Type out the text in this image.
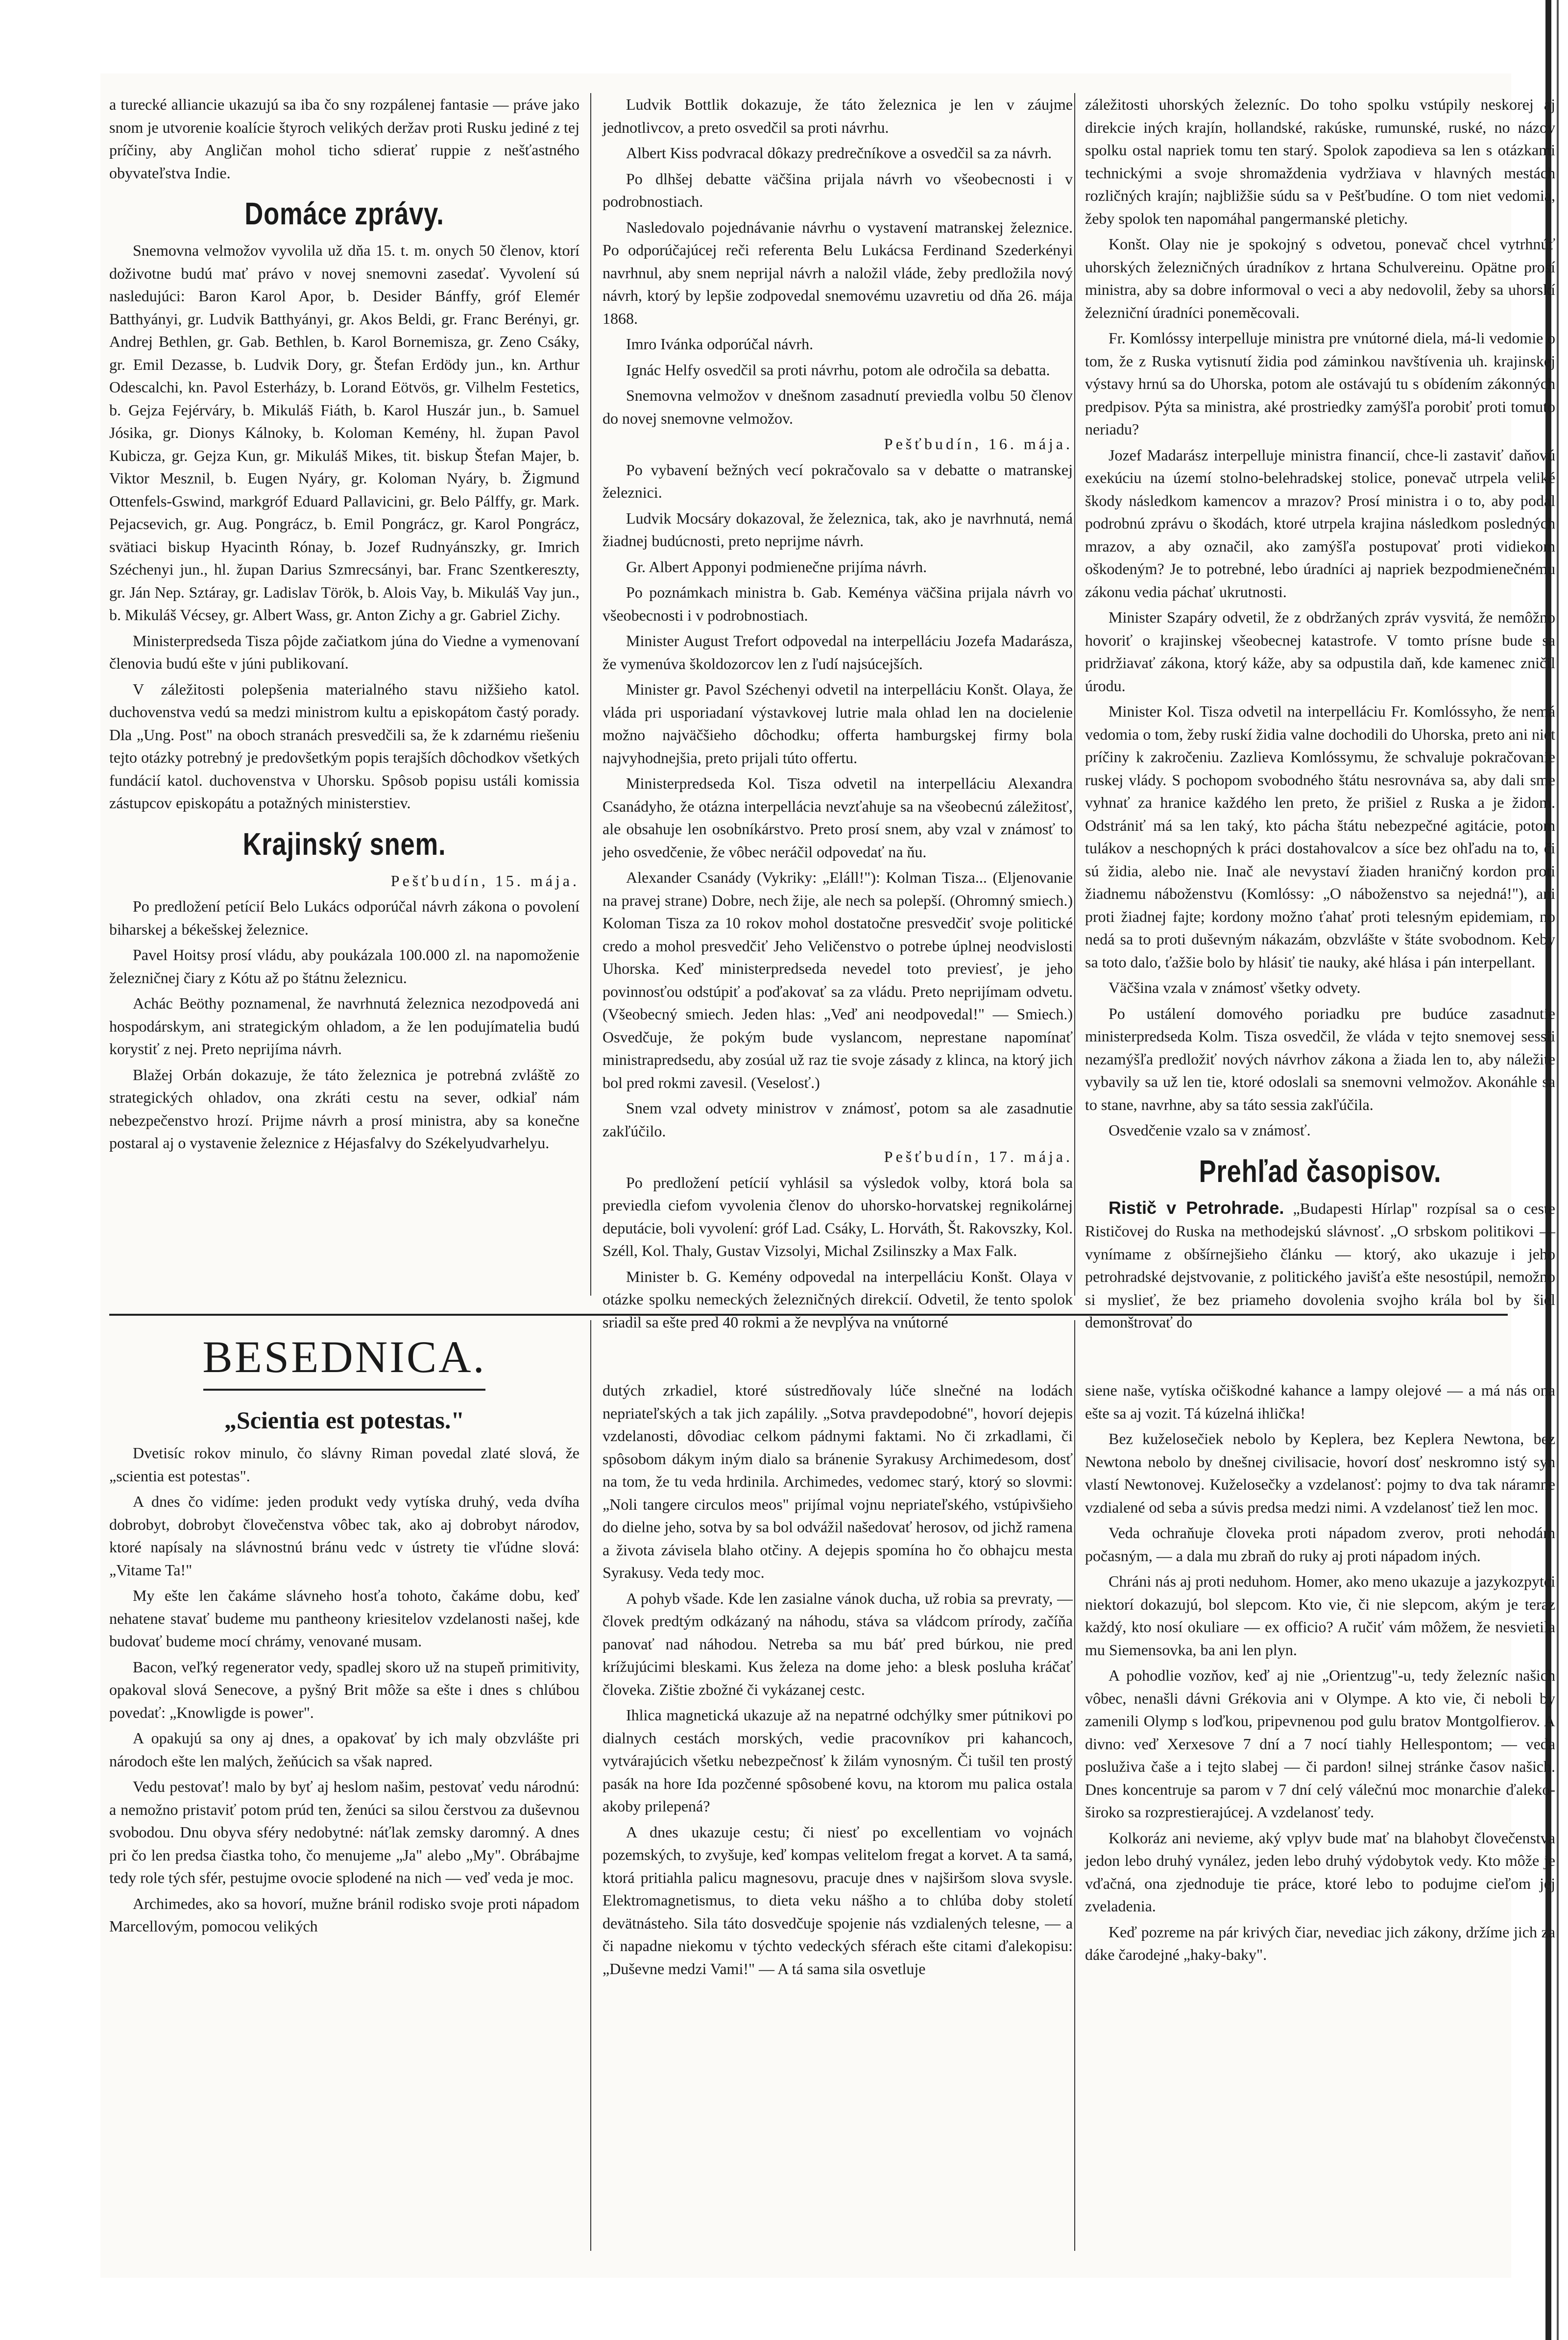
a turecké allianciе ukazujú sa iba čo sny rozpálenej fantasie — práve jako snom je utvorenie koalície štyroch velikých deržav proti Rusku jediné z tej príčiny, aby Angličan mohol ticho sdierať ruppie z nešťastného obyvateľstva Indie.

Domáce zprávy.

Snemovna velmožov vyvolila už dňa 15. t. m. onych 50 členov, ktorí doživotne budú mať právo v novej snemovni zasedať. Vyvolení sú nasledujúci: Baron Karol Apor, b. Desider Bánffy, gróf Elemér Batthyányi, gr. Ludvik Batthyányi, gr. Akos Beldi, gr. Franc Berényi, gr. Andrej Bethlen, gr. Gab. Bethlen, b. Karol Bornemisza, gr. Zeno Csáky, gr. Emil Dezasse, b. Ludvik Dory, gr. Štefan Erdödy jun., kn. Arthur Odescalchi, kn. Pavol Esterházy, b. Lorand Eötvös, gr. Vilhelm Festetics, b. Gejza Fejérváry, b. Mikuláš Fiáth, b. Karol Huszár jun., b. Samuel Jósika, gr. Dionys Kálnoky, b. Koloman Kemény, hl. župan Pavol Kubicza, gr. Gejza Kun, gr. Mikuláš Mikes, tit. biskup Štefan Majer, b. Viktor Mesznil, b. Eugen Nyáry, gr. Koloman Nyáry, b. Žigmund Ottenfels-Gswind, markgróf Eduard Pallavicini, gr. Belo Pálffy, gr. Mark. Pejacsevich, gr. Aug. Pongrácz, b. Emil Pongrácz, gr. Karol Pongrácz, svätiaci biskup Hyacinth Rónay, b. Jozef Rudnyánszky, gr. Imrich Széchenyi jun., hl. župan Darius Szmrecsányi, bar. Franc Szentkereszty, gr. Ján Nep. Sztáray, gr. Ladislav Török, b. Alois Vay, b. Mikuláš Vay jun., b. Mikuláš Vécsey, gr. Albert Wass, gr. Anton Zichy a gr. Gabriel Zichy.

Ministerpredseda Tisza pôjde začiatkom júna do Viedne a vymenovaní členovia budú ešte v júni publikovaní.

V záležitosti polepšenia materialného stavu nižšieho katol. duchovenstva vedú sa medzi ministrom kultu a episkopátom častý porady. Dla „Ung. Post" na oboch stranách presvedčili sa, že k zdarnému riešeniu tejto otázky potrebný je predovšetkým popis terajších dôchodkov všetkých fundácií katol. duchovenstva v Uhorsku. Spôsob popisu ustáli komissia zástupcov episkopátu a potažných ministerstiev.

Krajinský snem.

Pešťbudín, 15. mája.

Po predložení petícií Belo Lukács odporúčal návrh zákona o povolení biharskej a békešskej železnice.

Pavel Hoitsy prosí vládu, aby poukázala 100.000 zl. na napomoženie železničnej čiary z Kótu až po štátnu železnicu.

Achác Beöthy poznamenal, že navrhnutá železnica nezodpovedá ani hospodárskym, ani strategickým ohladom, a že len podujímatelia budú korystiť z nej. Preto neprijíma návrh.

Blažej Orbán dokazuje, že táto železnica je potrebná zvláště zo strategických ohladov, ona zkráti cestu na sever, odkiaľ nám nebezpečenstvo hrozí. Prijme návrh a prosí ministra, aby sa konečne postaral aj o vystavenie železnice z Héjasfalvy do Székelyudvarhelyu.

Ludvik Bottlik dokazuje, že táto železnica je len v záujme jednotlivcov, a preto osvedčil sa proti návrhu.

Albert Kiss podvracal dôkazy predrečníkove a osvedčil sa za návrh.

Po dlhšej debatte väčšina prijala návrh vo všeobecnosti i v podrobnostiach.

Nasledovalo pojednávanie návrhu o vystavení matranskej železnice. Po odporúčajúcej reči referenta Belu Lukácsa Ferdinand Szederkényi navrhnul, aby snem neprijal návrh a naložil vláde, žeby predložila nový návrh, ktorý by lepšie zodpovedal snemovému uzavretiu od dňa 26. mája 1868.

Imro Ivánka odporúčal návrh.

Ignác Helfy osvedčil sa proti návrhu, potom ale odročila sa debatta.

Snemovna velmožov v dnešnom zasadnutí previedla volbu 50 členov do novej snemovne velmožov.

Pešťbudín, 16. mája.

Po vybavení bežných vecí pokračovalo sa v debatte o matranskej železnici.

Ludvik Mocsáry dokazoval, že železnica, tak, ako je navrhnutá, nemá žiadnej budúcnosti, preto neprijme návrh.

Gr. Albert Apponyi podmienečne prijíma návrh.

Po poznámkach ministra b. Gab. Keményа väčšina prijala návrh vo všeobecnosti i v podrobnostiach.

Minister August Trefort odpovedal na interpelláciu Jozefa Madarásza, že vymenúva školdozorcov len z ľudí najsúcejších.

Minister gr. Pavol Széchenyi odvetil na interpelláciu Konšt. Olaya, že vláda pri usporiadaní výstavkovej lutrie mala ohlad len na docielenie možno najväčšieho dôchodku; offerta hamburgskej firmy bola najvyhodnejšia, preto prijali túto offertu.

Ministerpredseda Kol. Tisza odvetil na interpelláciu Alexandra Csanádyho, že otázna interpellácia nevzťahuje sa na všeobecnú záležitosť, ale obsahuje len osobníkárstvo. Preto prosí snem, aby vzal v známosť to jeho osvedčenie, že vôbec neráčil odpovedať na ňu.

Alexander Csanády (Vykriky: „Eláll!"): Kolman Tisza... (Eljenovanie na pravej strane) Dobre, nech žije, ale nech sa polepší. (Ohromný smiech.) Koloman Tisza za 10 rokov mohol dostatočne presvedčiť svoje politické credo a mohol presvedčiť Jeho Veličenstvo o potrebe úplnej neodvislosti Uhorska. Keď ministerpredseda nevedel toto previesť, je jeho povinnosťou odstúpiť a poďakovať sa za vládu. Preto neprijímam odvetu. (Všeobecný smiech. Jeden hlas: „Veď ani neodpovedal!" — Smiech.) Osvedčuje, že pokým bude vyslancom, neprestane napomínať ministrapredsedu, aby zosúal už raz tie svoje zásady z klinca, na ktorý jich bol pred rokmi zavesil. (Veselosť.)

Snem vzal odvety ministrov v známosť, potom sa ale zasadnutie zakľúčilo.

Pešťbudín, 17. mája.

Po predložení petícií vyhlásil sa výsledok volby, ktorá bola sa previedla ciefom vyvolenia členov do uhorsko-horvatskej regnikolárnej deputácie, boli vyvolení: gróf Lad. Csáky, L. Horváth, Št. Rakovszky, Kol. Széll, Kol. Thaly, Gustav Vizsolyi, Michal Zsilinszky a Max Falk.

Minister b. G. Kemény odpovedal na interpelláciu Konšt. Olaya v otázke spolku nemeckých železničných direkcií. Odvetil, že tento spolok sriadil sa ešte pred 40 rokmi a že nevplýva na vnútorné

záležitosti uhorských železníc. Do toho spolku vstúpily neskorej aj direkcie iných krajín, hollandské, rakúske, rumunské, ruské, no názov spolku ostal napriek tomu ten starý. Spolok zapodieva sa len s otázkami technickými a svoje shromaždenia vydržiava v hlavných mestách rozličných krajín; najbližšie súdu sa v Pešťbudíne. O tom niet vedomia, žeby spolok ten napomáhal pangermanské pletichy.

Konšt. Olay nie je spokojný s odvetou, ponevač chcel vytrhnúť uhorských železničných úradníkov z hrtana Schulvereinu. Opätne prosí ministra, aby sa dobre informoval o veci a aby nedovolil, žeby sa uhorskí železniční úradníci poneměcovali.

Fr. Komlóssy interpelluje ministra pre vnútorné diela, má-li vedomie o tom, že z Ruska vytisnutí židia pod záminkou navštívenia uh. krajinskej výstavy hrnú sa do Uhorska, potom ale ostávajú tu s obídením zákonných predpisov. Pýta sa ministra, aké prostriedky zamýšľa porobiť proti tomuto neriadu?

Jozef Madarász interpelluje ministra financií, chce-li zastaviť daňovú exekúciu na území stolno-belehradskej stolice, ponevač utrpela veliké škody následkom kamencov a mrazov? Prosí ministra i o to, aby podal podrobnú zprávu o škodách, ktoré utrpela krajina následkom posledných mrazov, a aby označil, ako zamýšľa postupovať proti vidiekom oškodeným? Je to potrebné, lebo úradníci aj napriek bezpodmienečnému zákonu vedia páchať ukrutnosti.

Minister Szapáry odvetil, že z obdržaných zpráv vysvitá, že nemôžno hovoriť o krajinskej všeobecnej katastrofe. V tomto prísne bude sa pridržiavať zákona, ktorý káže, aby sa odpustila daň, kde kamenec zničil úrodu.

Minister Kol. Tisza odvetil na interpelláciu Fr. Komlóssyho, že nemá vedomia o tom, žeby ruskí židia valne dochodili do Uhorska, preto ani niet príčiny k zakročeniu. Zazlieva Komlóssymu, že schvaluje pokračovanie ruskej vlády. S pochopom svobodného štátu nesrovnáva sa, aby dali sme vyhnať za hranice každého len preto, že prišiel z Ruska a je židom. Odstrániť má sa len taký, kto pácha štátu nebezpečné agitácie, potom tulákov a neschopných k práci dostahovalcov a síce bez ohľadu na to, či sú židia, alebo nie. Inač ale nevystaví žiaden hraničný kordon proti žiadnemu náboženstvu (Komlóssy: „O náboženstvo sa nejedná!"), ani proti žiadnej fajte; kordony možno ťahať proti telesným epidemiam, no nedá sa to proti duševným nákazám, obzvlášte v štáte svobodnom. Keby sa toto dalo, ťažšie bolo by hlásiť tie nauky, aké hlása i pán interpellant.

Väčšina vzala v známosť všetky odvety.

Po ustálení domového poriadku pre budúce zasadnutie ministerpredseda Kolm. Tisza osvedčil, že vláda v tejto snemovej sessii nezamýšľa predložiť nových návrhov zákona a žiada len to, aby náležite vybavily sa už len tie, ktoré odoslali sa snemovni velmožov. Akonáhle sa to stane, navrhne, aby sa táto sessia zakľúčila.

Osvedčenie vzalo sa v známosť.

Prehľad časopisov.

Ristič v Petrohrade. „Budapesti Hírlap" rozpísal sa o ceste Rističovej do Ruska na methodejskú slávnosť. „O srbskom politikovi — vynímame z obšírnejšieho článku — ktorý, ako ukazuje i jeho petrohradské dejstvovanie, z politického javišťa ešte nesostúpil, nemožno si myslieť, že bez priameho dovolenia svojho krála bol by šiel demonštrovať do

BESEDNICA.
„Scientia est potestas."

Dvetisíc rokov minulo, čo slávny Riman povedal zlaté slová, že „scientia est potestas".

A dnes čo vidíme: jeden produkt vedy vytíska druhý, veda dvíha dobrobyt, dobrobyt človečenstva vôbec tak, ako aj dobrobyt národov, ktoré napísaly na slávnostnú bránu vedc v ústrety tie vľúdne slová: „Vitame Ta!"

My ešte len čakáme slávneho hosťa tohoto, čakáme dobu, keď nehatene stavať budeme mu pantheony kriesitelov vzdelanosti našej, kde budovať budeme mocí chrámy, venované musam.

Bacon, veľký regenerator vedy, spadlej skoro už na stupeň primitivity, opakoval slová Senecove, a pyšný Brit môže sa ešte i dnes s chlúbou povedať: „Knowligde is power".

A opakujú sa ony aj dnes, a opakovať by ich maly obzvlášte pri národoch ešte len malých, žeňúcich sa však napred.

Vedu pestovať! malo by byť aj heslom našim, pestovať vedu národnú: a nemožno pristaviť potom prúd ten, ženúci sa silou čerstvou za duševnou svobodou. Dnu obyva sféry nedobytné: náťlak zemsky daromný. A dnes pri čo len predsa čiastka toho, čo menujeme „Ja" alebo „My". Obrábajme tedy role tých sfér, pestujme ovocie splodené na nich — veď veda je moc.

Archimedes, ako sa hovorí, mužne bránil rodisko svoje proti nápadom Marcellovým, pomocou velikých

dutých zrkadiel, ktoré sústredňovaly lúče slnečné na lodách nepriateľských a tak jich zapálily. „Sotva pravdepodobné", hovorí dejepis vzdelanosti, dôvodiac celkom pádnymi faktami. No či zrkadlami, či spôsobom dákym iným dialo sa bránenie Syrakusy Archimedesom, dosť na tom, že tu veda hrdinila. Archimedes, vedomec starý, ktorý so slovmi: „Noli tangere circulos meos" prijímal vojnu nepriateľského, vstúpivšieho do dielne jeho, sotva by sa bol odvážil našedovať herosov, od jichž ramena a života závisela blaho otčiny. A dejepis spomína ho čo obhajcu mesta Syrakusy. Veda tedy moc.

A pohyb všade. Kde len zasialne vánok ducha, už robia sa prevraty, — človek predtým odkázaný na náhodu, stáva sa vládcom prírody, začíňa panovať nad náhodou. Netreba sa mu báť pred búrkou, nie pred krížujúcimi bleskami. Kus železa na dome jeho: a blesk posluha kráčať človeka. Zištie zbožné či vykázanej cestc.

Ihlica magnetická ukazuje až na nepatrné odchýlky smer pútnikovi po dialnych cestách morských, vedie pracovníkov pri kahancoch, vytvárajúcich všetku nebezpečnosť k žilám vynosným. Či tušil ten prostý pasák na hore Ida pozčenné spôsobené kovu, na ktorom mu palica ostala akoby prilepená?

A dnes ukazuje cestu; či niesť po excellentiam vo vojnách pozemských, to zvyšuje, keď kompas velitelom fregat a korvet. A ta samá, ktorá pritiahla palicu magnesovu, pracuje dnes v najširšom slova svysle. Elektromagnetismus, to dieta veku nášho a to chlúba doby století devätnásteho. Sila táto dosvedčuje spojenie nás vzdialených telesne, — a či napadne niekomu v týchto vedeckých sférach ešte citami ďalekopisu: „Duševne medzi Vami!" — A tá sama sila osvetluje

siene naše, vytíska očiškodné kahance a lampy olejové — a má nás ona ešte sa aj vozit. Tá kúzelná ihlička!

Bez kuželosečiek nebolo by Keplera, bez Keplera Newtona, bez Newtona nebolo by dnešnej civilisacie, hovorí dosť neskromno istý syn vlastí Newtonovej. Kuželosečky a vzdelanosť: pojmy to dva tak náramne vzdialené od seba a súvis predsa medzi nimi. A vzdelanosť tiež len moc.

Veda ochraňuje človeka proti nápadom zverov, proti nehodám počasným, — a dala mu zbraň do ruky aj proti nápadom iných.

Chráni nás aj proti neduhom. Homer, ako meno ukazuje a jazykozpytci niektorí dokazujú, bol slepcom. Kto vie, či nie slepcom, akým je teraz každý, kto nosí okuliare — ex officio? A ručiť vám môžem, že nesvietila mu Siemensovka, ba ani len plyn.

A pohodlie vozňov, keď aj nie „Orientzug"-u, tedy železníc našich vôbec, nenašli dávni Grékovia ani v Olympe. A kto vie, či neboli by zamenili Olymp s loďkou, pripevnenou pod gulu bratov Montgolfierov. A divno: veď Xerxesove 7 dní a 7 nocí tiahly Hellespontom; — veda posluživa čaše a i tejto slabej — či pardon! silnej stránke časov našich. Dnes koncentruje sa parom v 7 dní celý válečnú moc monarchie ďaleko-široko sa rozprestierajúcej. A vzdelanosť tedy.

Kolkoráz ani nevieme, aký vplyv bude mať na blahobyt človečenstva jedon lebo druhý vynález, jeden lebo druhý výdobytok vedy. Kto môže je vďačná, ona zjednoduje tie práce, ktoré lebo to podujme cieľom jej zveladenia.

Keď pozreme na pár krivých čiar, nevediac jich zákony, držíme jich za dáke čarodejné „haky-baky".
